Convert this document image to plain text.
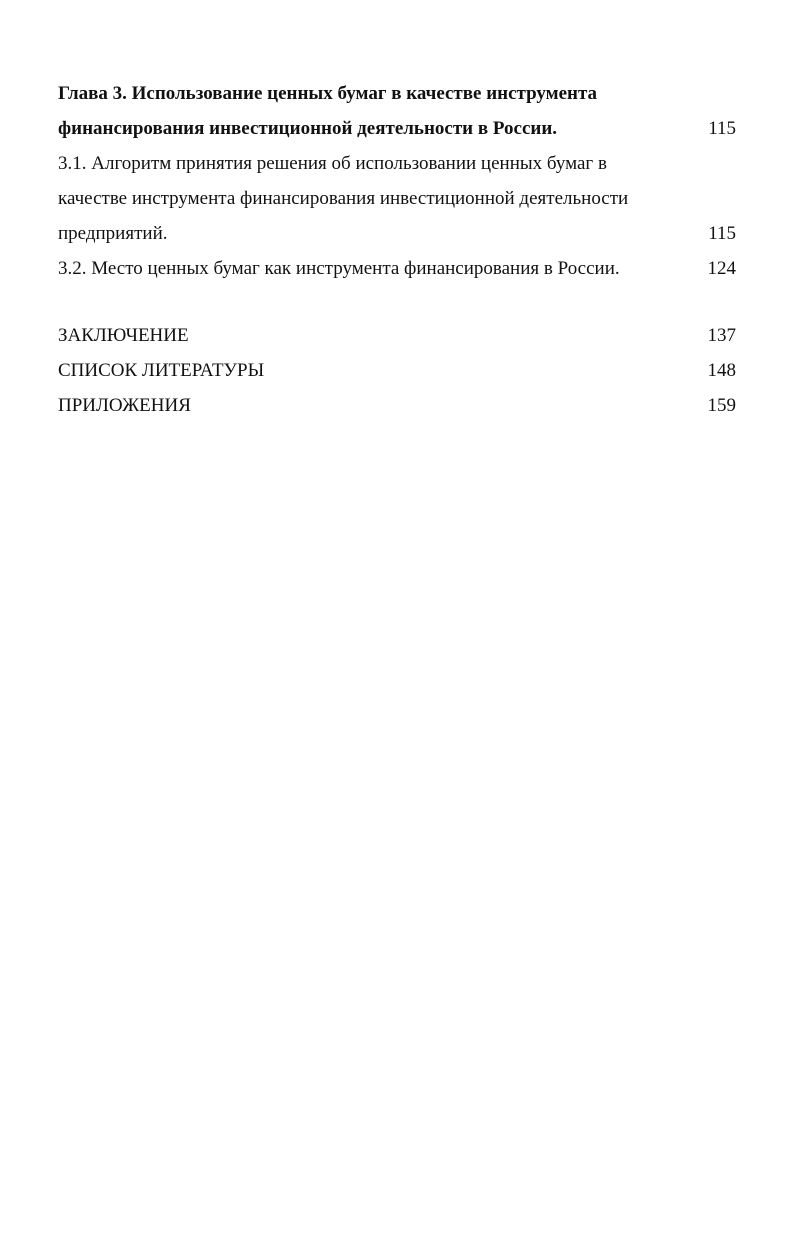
Глава 3. Использование ценных бумаг в качестве инструмента
финансирования инвестиционной деятельности в России.	115
3.1. Алгоритм принятия решения об использовании ценных бумаг в
качестве инструмента финансирования инвестиционной деятельности
предприятий.	115
3.2. Место ценных бумаг как инструмента финансирования в России.	124
ЗАКЛЮЧЕНИЕ	137
СПИСОК ЛИТЕРАТУРЫ	148
ПРИЛОЖЕНИЯ	159
